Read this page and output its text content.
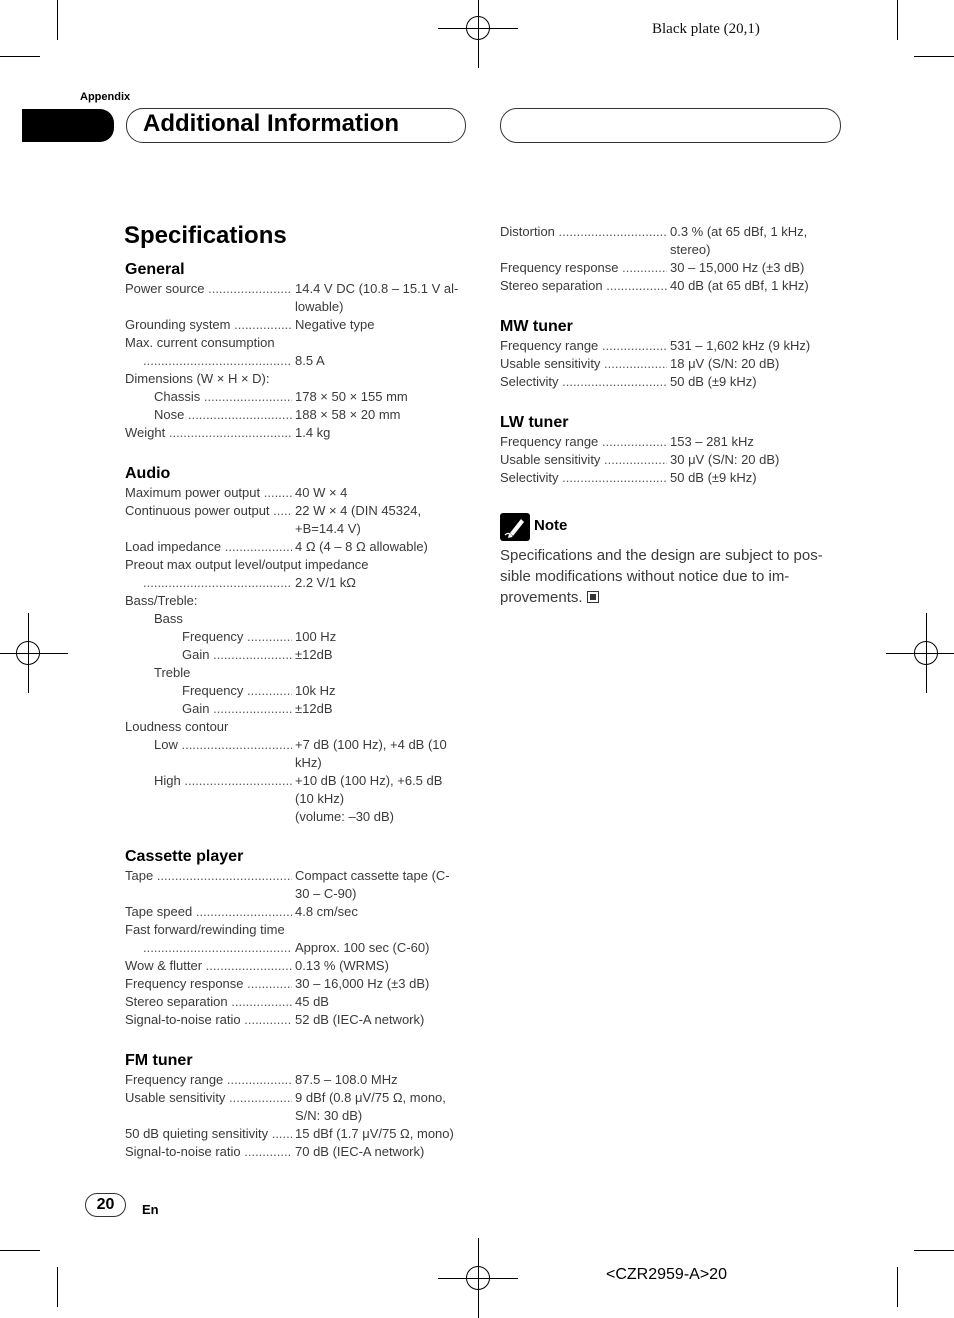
Black plate (20,1)
Appendix
Additional Information
Specifications
General
Power source .....	14.4 V DC (10.8 – 15.1 V al-
lowable)
Grounding system .....	Negative type
Max. current consumption
.....
8.5 A
Dimensions (W × H × D):
Chassis .....	178 × 50 × 155 mm
Nose .....	188 × 58 × 20 mm
Weight .....	1.4 kg
Audio
Maximum power output .....	40 W × 4
Continuous power output .....	22 W × 4 (DIN 45324,
+B=14.4 V)
Load impedance .....	4 Ω (4 – 8 Ω allowable)
Preout max output level/output impedance
.....
2.2 V/1 kΩ
Bass/Treble:
Bass
Frequency .....	100 Hz
Gain .....	±12dB
Treble
Frequency .....	10k Hz
Gain .....	±12dB
Loudness contour
Low .....	+7 dB (100 Hz), +4 dB (10
kHz)
High .....	+10 dB (100 Hz), +6.5 dB
(10 kHz)
(volume: –30 dB)
Cassette player
Tape .....	Compact cassette tape (C-
30 – C-90)
Tape speed .....	4.8 cm/sec
Fast forward/rewinding time
.....
Approx. 100 sec (C-60)
Wow & flutter .....	0.13 % (WRMS)
Frequency response .....	30 – 16,000 Hz (±3 dB)
Stereo separation .....	45 dB
Signal-to-noise ratio .....	52 dB (IEC-A network)
FM tuner
Frequency range .....	87.5 – 108.0 MHz
Usable sensitivity .....	9 dBf (0.8 μV/75 Ω, mono,
S/N: 30 dB)
50 dB quieting sensitivity .....	15 dBf (1.7 μV/75 Ω, mono)
Signal-to-noise ratio .....	70 dB (IEC-A network)
Distortion .....	0.3 % (at 65 dBf, 1 kHz,
stereo)
Frequency response .....	30 – 15,000 Hz (±3 dB)
Stereo separation .....	40 dB (at 65 dBf, 1 kHz)
MW tuner
Frequency range .....	531 – 1,602 kHz (9 kHz)
Usable sensitivity .....	18 μV (S/N: 20 dB)
Selectivity .....	50 dB (±9 kHz)
LW tuner
Frequency range .....	153 – 281 kHz
Usable sensitivity .....	30 μV (S/N: 20 dB)
Selectivity .....	50 dB (±9 kHz)
Note
Specifications and the design are subject to pos-
sible modifications without notice due to im-
provements.
20	En
<CZR2959-A>20
